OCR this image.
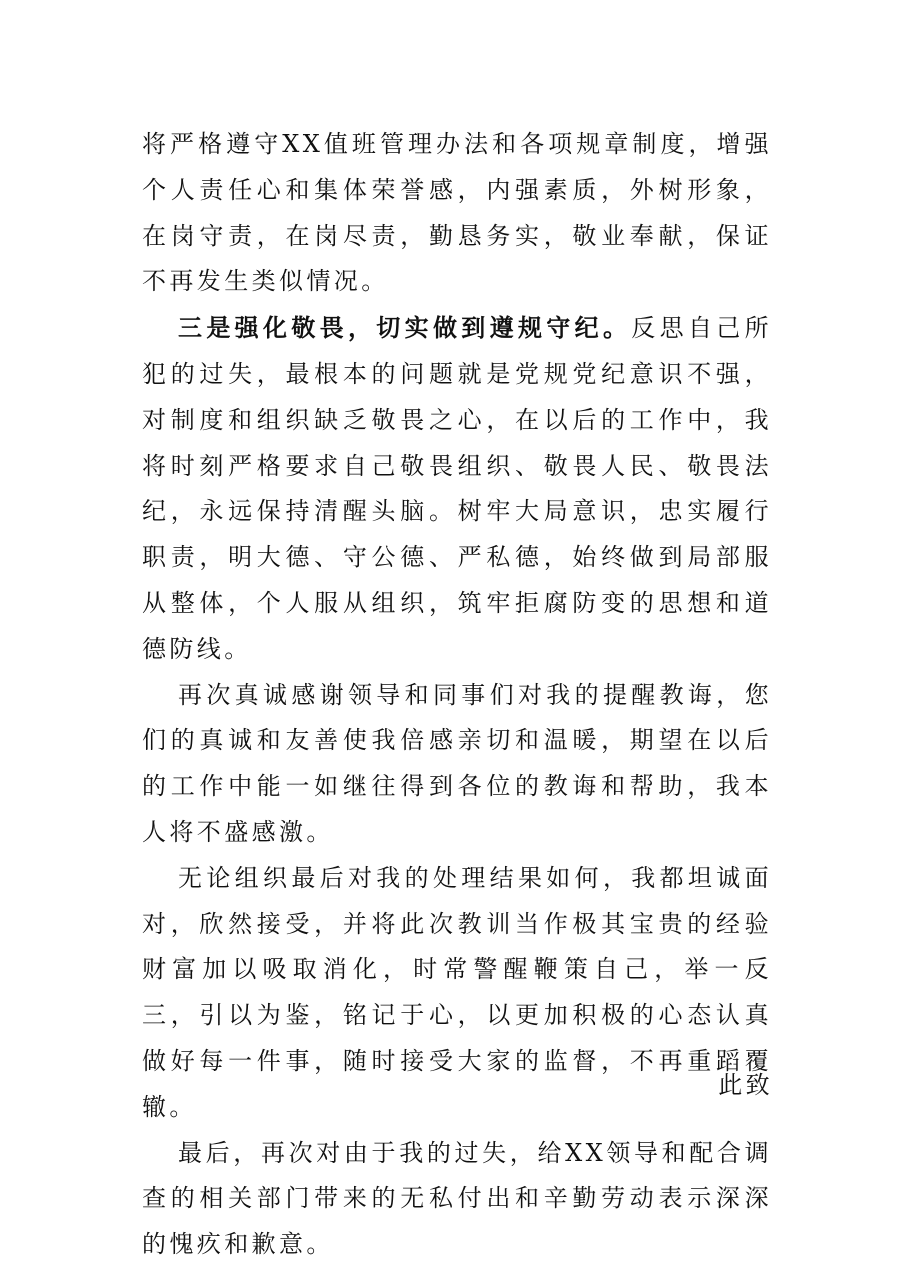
将严格遵守XX值班管理办法和各项规章制度，增强个人责任心和集体荣誉感，内强素质，外树形象，在岗守责，在岗尽责，勤恳务实，敬业奉献，保证不再发生类似情况。

三是强化敬畏，切实做到遵规守纪。反思自己所犯的过失，最根本的问题就是党规党纪意识不强，对制度和组织缺乏敬畏之心，在以后的工作中，我将时刻严格要求自己敬畏组织、敬畏人民、敬畏法纪，永远保持清醒头脑。树牢大局意识，忠实履行职责，明大德、守公德、严私德，始终做到局部服从整体，个人服从组织，筑牢拒腐防变的思想和道德防线。

再次真诚感谢领导和同事们对我的提醒教诲，您们的真诚和友善使我倍感亲切和温暖，期望在以后的工作中能一如继往得到各位的教诲和帮助，我本人将不盛感激。

无论组织最后对我的处理结果如何，我都坦诚面对，欣然接受，并将此次教训当作极其宝贵的经验财富加以吸取消化，时常警醒鞭策自己，举一反三，引以为鉴，铭记于心，以更加积极的心态认真做好每一件事，随时接受大家的监督，不再重蹈覆辙。

最后，再次对由于我的过失，给XX领导和配合调查的相关部门带来的无私付出和辛勤劳动表示深深的愧疚和歉意。

此致
